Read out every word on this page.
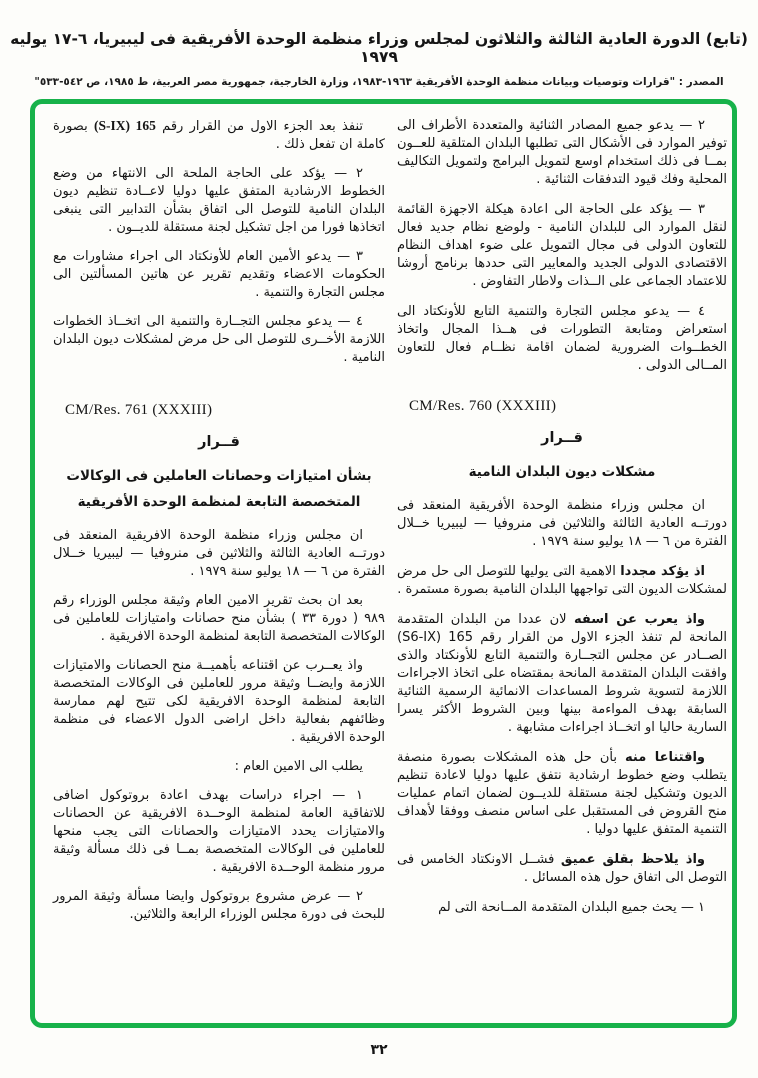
(تابع) الدورة العادية الثالثة والثلاثون لمجلس وزراء منظمة الوحدة الأفريقية فى ليبيريا، ٦-١٧ يوليه ١٩٧٩
المصدر : "قرارات وتوصيات وبيانات منظمة الوحدة الأفريقية ١٩٦٣-١٩٨٣، وزارة الخارجية، جمهورية مصر العربية، ط ١٩٨٥، ص ٥٤٢-٥٣٣"

٢ — يدعو جميع المصادر الثنائية والمتعددة الأطراف الى توفير الموارد فى الأشكال التى تطلبها البلدان المتلقية للعــون بمــا فى ذلك استخدام اوسع لتمويل البرامج ولتمويل التكاليف المحلية وفك قيود التدفقات الثنائية .

٣ — يؤكد على الحاجة الى اعادة هيكلة الاجهزة القائمة لنقل الموارد الى للبلدان النامية - ولوضع نظام جديد فعال للتعاون الدولى فى مجال التمويل على ضوء اهداف النظام الاقتصادى الدولى الجديد والمعايير التى حددها برنامج أروشا للاعتماد الجماعى على الــذات ولاطار التفاوض .

٤ — يدعو مجلس التجارة والتنمية التابع للأونكتاد الى استعراض ومتابعة التطورات فى هــذا المجال واتخاذ الخطــوات الضرورية لضمان اقامة نظــام فعال للتعاون المــالى الدولى .

CM/Res. 760 (XXXIII)

قــرار

مشكلات ديون البلدان النامية

ان مجلس وزراء منظمة الوحدة الأفريقية المنعقد فى دورتــه العادية الثالثة والثلاثين فى منروفيا — ليبيريا خــلال الفترة من ٦ — ١٨ يوليو سنة ١٩٧٩ .

اذ يؤكد مجددا الاهمية التى يوليها للتوصل الى حل مرض لمشكلات الديون التى تواجهها البلدان النامية بصورة مستمرة .

واذ يعرب عن اسفه لان عددا من البلدان المتقدمة المانحة لم تنفذ الجزء الاول من القرار رقم 165 (S6-IX) الصــادر عن مجلس التجــارة والتنمية التابع للأونكتاد والذى وافقت البلدان المتقدمة المانحة بمقتضاه على اتخاذ الاجراءات اللازمة لتسوية شروط المساعدات الانمائية الرسمية الثنائية السابقة بهدف المواءمة بينها وبين الشروط الأكثر يسرا السارية حاليا او اتخــاذ اجراءات مشابهة .

واقتناعا منه بأن حل هذه المشكلات بصورة منصفة يتطلب وضع خطوط ارشادية نتفق عليها دوليا لاعادة تنظيم الديون وتشكيل لجنة مستقلة للديــون لضمان اتمام عمليات منح القروض فى المستقبل على اساس منصف ووفقا لأهداف التنمية المتفق عليها دوليا .

واذ يلاحظ بقلق عميق فشــل الاونكتاد الخامس فى التوصل الى اتفاق حول هذه المسائل .

١ — يحث جميع البلدان المتقدمة المــانحة التى لم

تنفذ بعد الجزء الاول من القرار رقم 165 (S-IX) بصورة كاملة ان تفعل ذلك .

٢ — يؤكد على الحاجة الملحة الى الانتهاء من وضع الخطوط الارشادية المتفق عليها دوليا لاعــادة تنظيم ديون البلدان النامية للتوصل الى اتفاق بشأن التدابير التى ينبغى اتخاذها فورا من اجل تشكيل لجنة مستقلة للديــون .

٣ — يدعو الأمين العام للأونكتاد الى اجراء مشاورات مع الحكومات الاعضاء وتقديم تقرير عن هاتين المسألتين الى مجلس التجارة والتنمية .

٤ — يدعو مجلس التجــارة والتنمية الى اتخــاذ الخطوات اللازمة الأخــرى للتوصل الى حل مرض لمشكلات ديون البلدان النامية .

CM/Res. 761 (XXXIII)

قــرار

بشأن امتيازات وحصانات العاملين فى الوكالات
المتخصصة التابعة لمنظمة الوحدة الأفريقية

ان مجلس وزراء منظمة الوحدة الافريقية المنعقد فى دورتــه العادية الثالثة والثلاثين فى منروفيا — ليبيريا خــلال الفترة من ٦ — ١٨ يوليو سنة ١٩٧٩ .

بعد ان بحث تقرير الامين العام وثيقة مجلس الوزراء رقم ٩٨٩ ( دورة ٣٣ ) بشأن منح حصانات وامتيازات للعاملين فى الوكالات المتخصصة التابعة لمنظمة الوحدة الافريقية .

واذ يعــرب عن اقتناعه بأهميــة منح الحصانات والامتيازات اللازمة وايضــا وثيقة مرور للعاملين فى الوكالات المتخصصة التابعة لمنظمة الوحدة الافريقية لكى تتيح لهم ممارسة وظائفهم بفعالية داخل اراضى الدول الاعضاء فى منظمة الوحدة الافريقية .

يطلب الى الامين العام :

١ — اجراء دراسات بهدف اعادة بروتوكول اضافى للاتفاقية العامة لمنظمة الوحــدة الافريقية عن الحصانات والامتيازات يحدد الامتيازات والحصانات التى يجب منحها للعاملين فى الوكالات المتخصصة بمــا فى ذلك مسألة وثيقة مرور منظمة الوحــدة الافريقية .

٢ — عرض مشروع بروتوكول وايضا مسألة وثيقة المرور للبحث فى دورة مجلس الوزراء الرابعة والثلاثين.

٣٢
